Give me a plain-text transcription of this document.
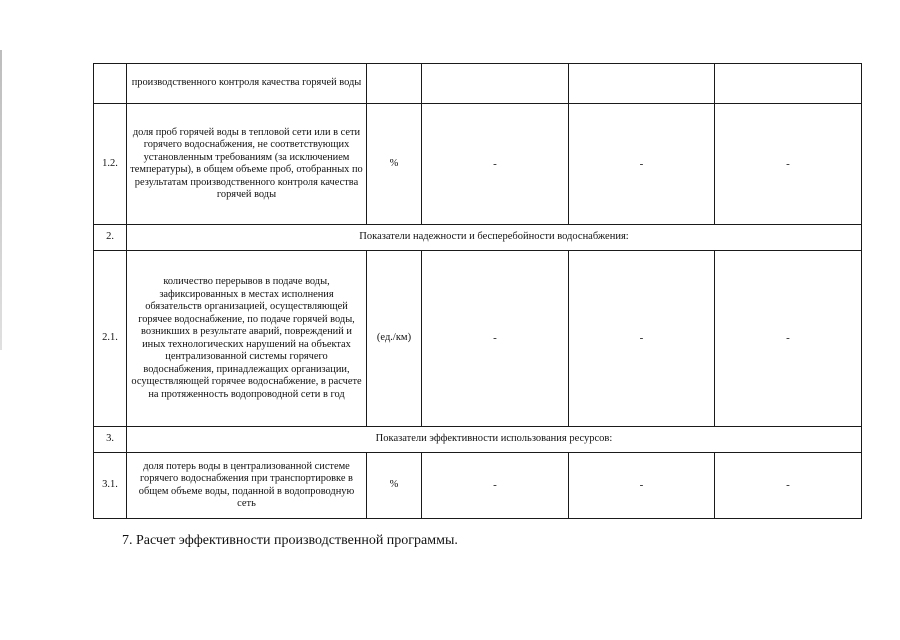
	производственного контроля качества горячей воды				
1.2.	доля проб горячей воды в тепловой сети или в сети горячего водоснабжения, не соответствующих установленным требованиям (за исключением температуры), в общем объеме проб, отобранных по результатам производственного контроля качества горячей воды	%	-	-	-
2.	Показатели надежности и бесперебойности водоснабжения:				
2.1.	количество перерывов в подаче воды, зафиксированных в местах исполнения обязательств организацией, осуществляющей горячее водоснабжение, по подаче горячей воды, возникших в результате аварий, повреждений и иных технологических нарушений на объектах централизованной системы горячего водоснабжения, принадлежащих организации, осуществляющей горячее водоснабжение, в расчете на протяженность водопроводной сети в год	(ед./км)	-	-	-
3.	Показатели эффективности использования ресурсов:				
3.1.	доля потерь воды в централизованной системе горячего водоснабжения при транспортировке в общем объеме воды, поданной в водопроводную сеть	%	-	-	-
7. Расчет эффективности производственной программы.
